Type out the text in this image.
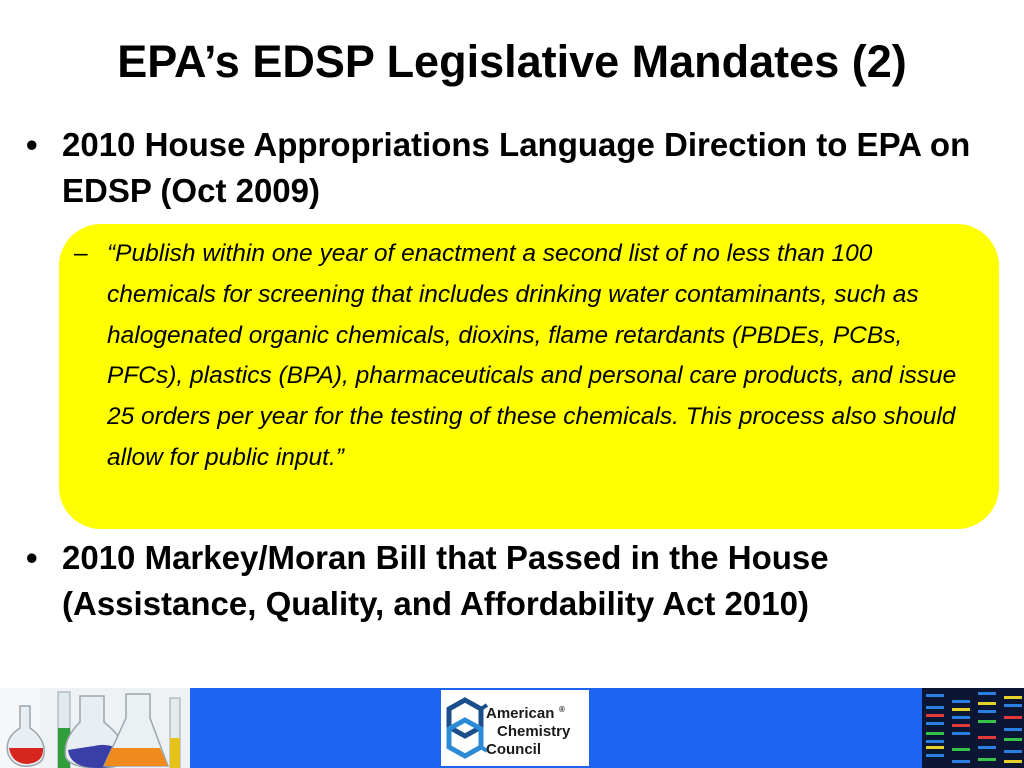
EPA’s EDSP Legislative Mandates (2)
• 2010 House Appropriations Language Direction to EPA on EDSP (Oct 2009)
– “Publish within one year of enactment a second list of no less than 100 chemicals for screening that includes drinking water contaminants, such as halogenated organic chemicals, dioxins, flame retardants (PBDEs, PCBs, PFCs), plastics (BPA), pharmaceuticals and personal care products, and issue 25 orders per year for the testing of these chemicals. This process also should allow for public input.”
• 2010 Markey/Moran Bill that Passed in the House (Assistance, Quality, and Affordability Act 2010)
American ®
Chemistry
Council
